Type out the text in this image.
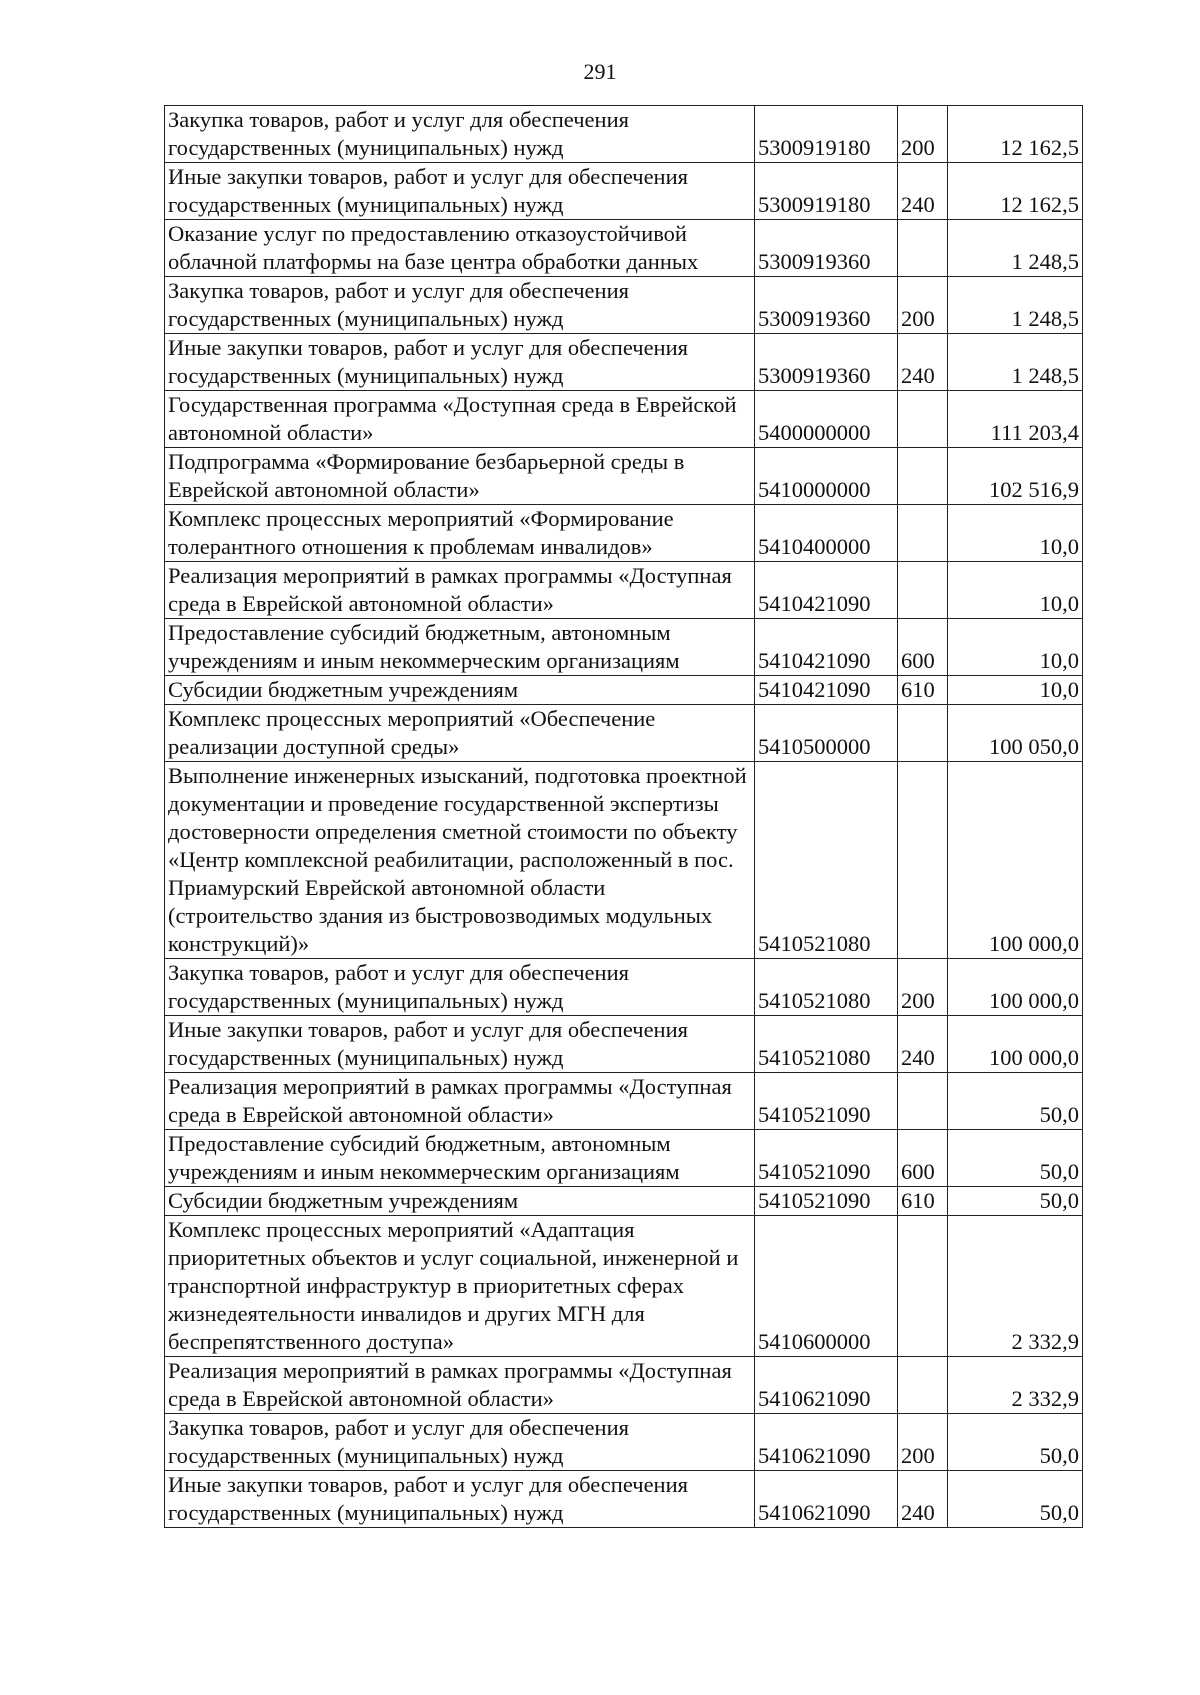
291
Закупка товаров, работ и услуг для обеспечения государственных (муниципальных) нужд	5300919180	200	12 162,5
Иные закупки товаров, работ и услуг для обеспечения государственных (муниципальных) нужд	5300919180	240	12 162,5
Оказание услуг по предоставлению отказоустойчивой облачной платформы на базе центра обработки данных	5300919360		1 248,5
Закупка товаров, работ и услуг для обеспечения государственных (муниципальных) нужд	5300919360	200	1 248,5
Иные закупки товаров, работ и услуг для обеспечения государственных (муниципальных) нужд	5300919360	240	1 248,5
Государственная программа «Доступная среда в Еврейской автономной области»	5400000000		111 203,4
Подпрограмма «Формирование безбарьерной среды в Еврейской автономной области»	5410000000		102 516,9
Комплекс процессных мероприятий «Формирование толерантного отношения к проблемам инвалидов»	5410400000		10,0
Реализация мероприятий в рамках программы «Доступная среда в Еврейской автономной области»	5410421090		10,0
Предоставление субсидий бюджетным, автономным учреждениям и иным некоммерческим организациям	5410421090	600	10,0
Субсидии бюджетным учреждениям	5410421090	610	10,0
Комплекс процессных мероприятий «Обеспечение реализации доступной среды»	5410500000		100 050,0
Выполнение инженерных изысканий, подготовка проектной документации и проведение государственной экспертизы достоверности определения сметной стоимости по объекту «Центр комплексной реабилитации, расположенный в пос. Приамурский Еврейской автономной области (строительство здания из быстровозводимых модульных конструкций)»	5410521080		100 000,0
Закупка товаров, работ и услуг для обеспечения государственных (муниципальных) нужд	5410521080	200	100 000,0
Иные закупки товаров, работ и услуг для обеспечения государственных (муниципальных) нужд	5410521080	240	100 000,0
Реализация мероприятий в рамках программы «Доступная среда в Еврейской автономной области»	5410521090		50,0
Предоставление субсидий бюджетным, автономным учреждениям и иным некоммерческим организациям	5410521090	600	50,0
Субсидии бюджетным учреждениям	5410521090	610	50,0
Комплекс процессных мероприятий «Адаптация приоритетных объектов и услуг социальной, инженерной и транспортной инфраструктур в приоритетных сферах жизнедеятельности инвалидов и других МГН для беспрепятственного доступа»	5410600000		2 332,9
Реализация мероприятий в рамках программы «Доступная среда в Еврейской автономной области»	5410621090		2 332,9
Закупка товаров, работ и услуг для обеспечения государственных (муниципальных) нужд	5410621090	200	50,0
Иные закупки товаров, работ и услуг для обеспечения государственных (муниципальных) нужд	5410621090	240	50,0
